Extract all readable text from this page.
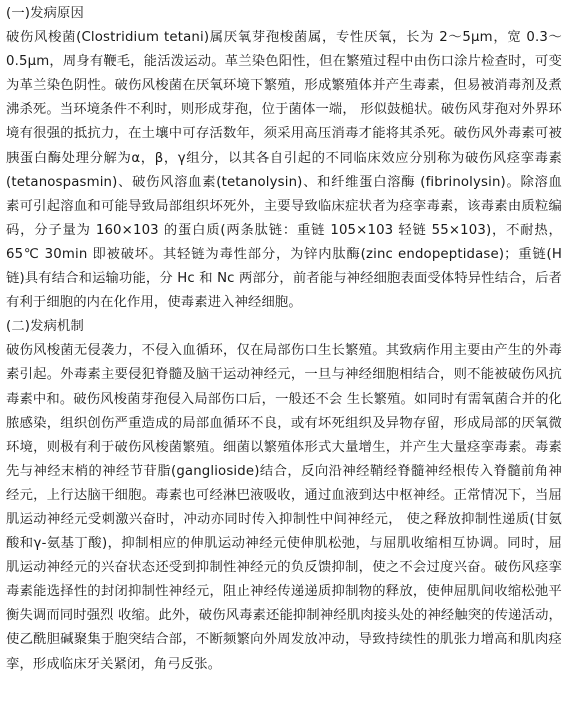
(一)发病原因
破伤风梭菌(Clostridium tetani)属厌氧芽孢梭菌属，专性厌氧，长为 2～5μm，宽 0.3～0.5μm，周身有鞭毛，能活泼运动。革兰染色阳性，但在繁殖过程中由伤口涂片检查时，可变为革兰染色阴性。破伤风梭菌在厌氧环境下繁殖，形成繁殖体并产生毒素，但易被消毒剂及煮沸杀死。当环境条件不利时，则形成芽孢，位于菌体一端， 形似鼓槌状。破伤风芽孢对外界环境有很强的抵抗力，在土壤中可存活数年，须采用高压消毒才能将其杀死。破伤风外毒素可被胰蛋白酶处理分解为α，β，γ组分，以其各自引起的不同临床效应分别称为破伤风痉挛毒素(tetanospasmin)、破伤风溶血素(tetanolysin)、和纤维蛋白溶酶 (fibrinolysin)。除溶血素可引起溶血和可能导致局部组织坏死外，主要导致临床症状者为痉挛毒素，该毒素由质粒编码，分子量为 160×103 的蛋白质(两条肽链：重链 105×103 轻链 55×103)，不耐热，65℃ 30min 即被破坏。其轻链为毒性部分，为锌内肽酶(zinc endopeptidase)；重链(H 链)具有结合和运输功能，分 Hc 和 Nc 两部分，前者能与神经细胞表面受体特异性结合，后者有利于细胞的内在化作用，使毒素进入神经细胞。
(二)发病机制
破伤风梭菌无侵袭力，不侵入血循环，仅在局部伤口生长繁殖。其致病作用主要由产生的外毒素引起。外毒素主要侵犯脊髓及脑干运动神经元，一旦与神经细胞相结合，则不能被破伤风抗毒素中和。破伤风梭菌芽孢侵入局部伤口后，一般还不会 生长繁殖。如同时有需氧菌合并的化脓感染，组织创伤严重造成的局部血循环不良，或有坏死组织及异物存留，形成局部的厌氧微环境，则极有利于破伤风梭菌繁殖。细菌以繁殖体形式大量增生，并产生大量痉挛毒素。毒素先与神经末梢的神经节苷脂(ganglioside)结合，反向沿神经鞘经脊髓神经根传入脊髓前角神经元，上行达脑干细胞。毒素也可经淋巴液吸收，通过血液到达中枢神经。正常情况下，当屈肌运动神经元受刺激兴奋时，冲动亦同时传入抑制性中间神经元， 使之释放抑制性递质(甘氨酸和γ-氨基丁酸)，抑制相应的伸肌运动神经元使伸肌松弛，与屈肌收缩相互协调。同时，屈肌运动神经元的兴奋状态还受到抑制性神经元的负反馈抑制，使之不会过度兴奋。破伤风痉挛毒素能选择性的封闭抑制性神经元，阻止神经传递递质抑制物的释放，使伸屈肌间收缩松弛平衡失调而同时强烈 收缩。此外，破伤风毒素还能抑制神经肌肉接头处的神经触突的传递活动，使乙酰胆碱聚集于胞突结合部，不断频繁向外周发放冲动，导致持续性的肌张力增高和肌肉痉挛，形成临床牙关紧闭，角弓反张。
